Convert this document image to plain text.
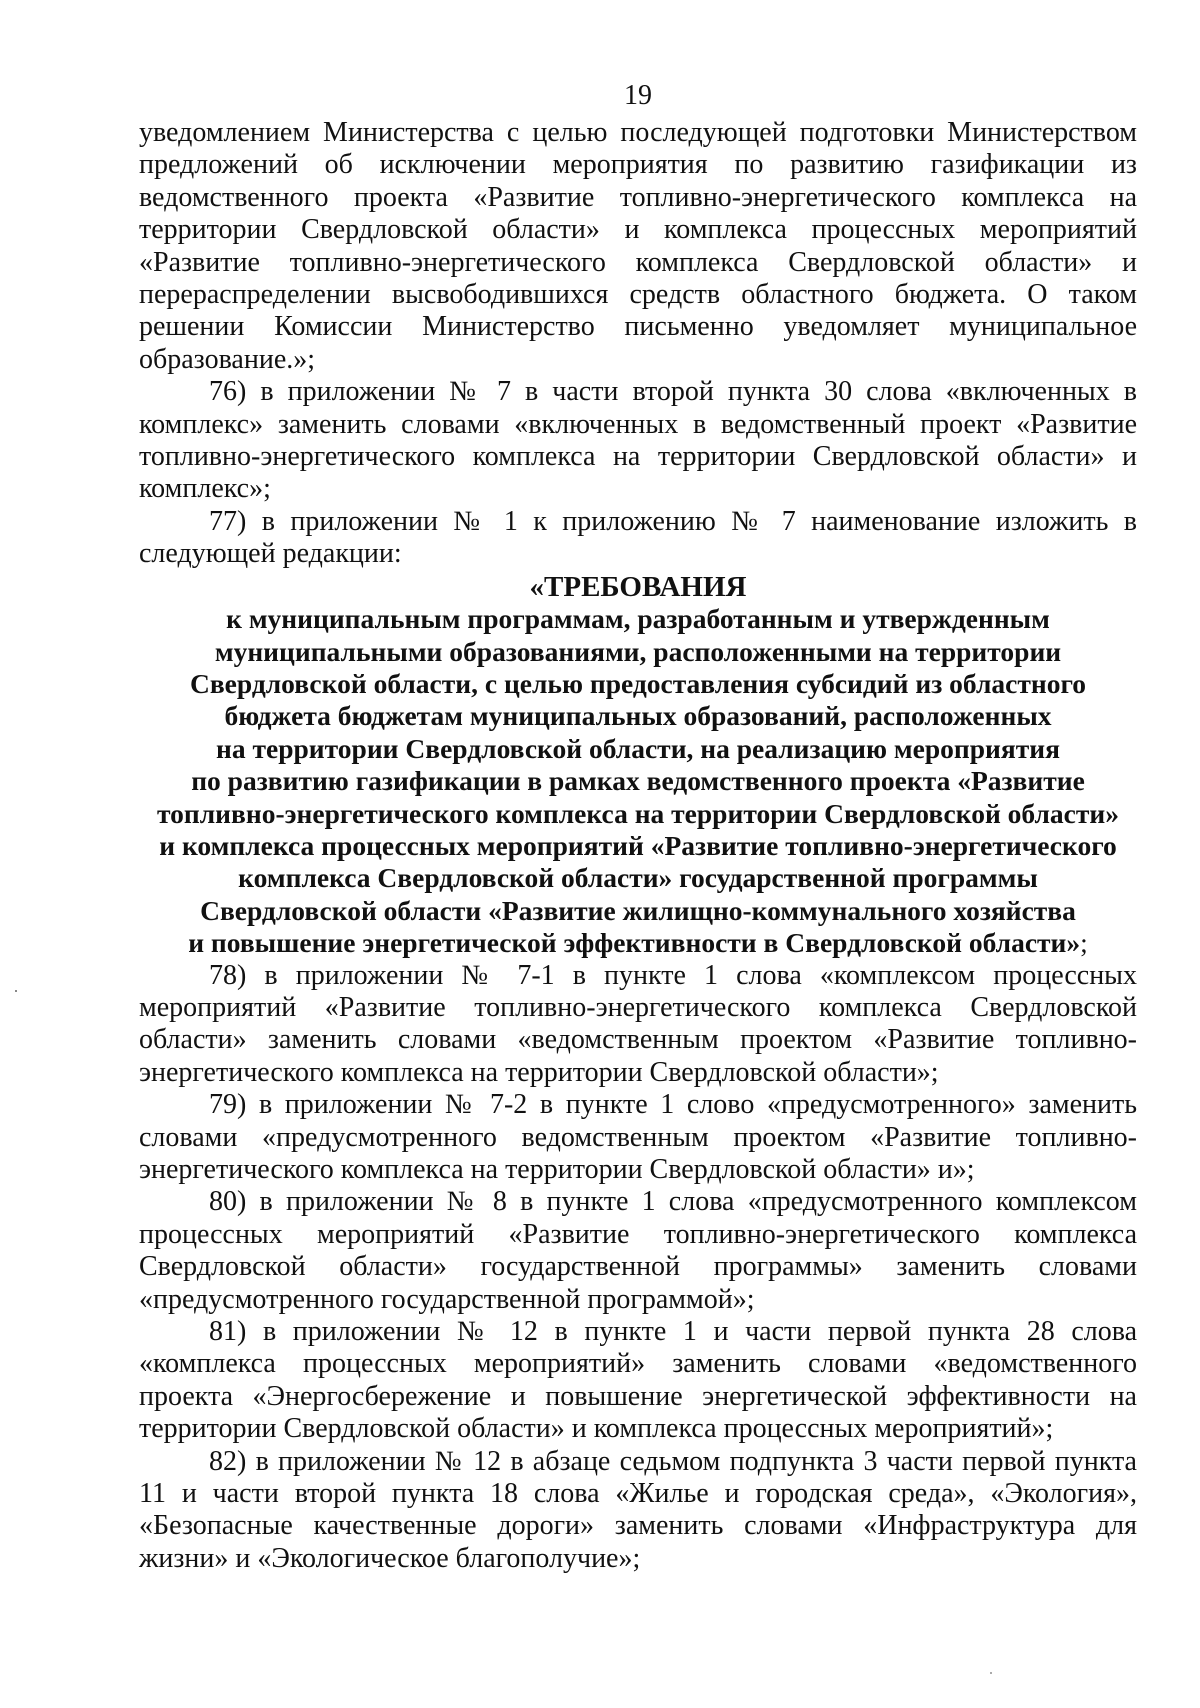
19

уведомлением Министерства с целью последующей подготовки Министерством предложений об исключении мероприятия по развитию газификации из ведомственного проекта «Развитие топливно-энергетического комплекса на территории Свердловской области» и комплекса процессных мероприятий «Развитие топливно-энергетического комплекса Свердловской области» и перераспределении высвободившихся средств областного бюджета. О таком решении Комиссии Министерство письменно уведомляет муниципальное образование.»;

76) в приложении № 7 в части второй пункта 30 слова «включенных в комплекс» заменить словами «включенных в ведомственный проект «Развитие топливно-энергетического комплекса на территории Свердловской области» и комплекс»;

77) в приложении № 1 к приложению № 7 наименование изложить в следующей редакции:

«ТРЕБОВАНИЯ
к муниципальным программам, разработанным и утвержденным
муниципальными образованиями, расположенными на территории
Свердловской области, с целью предоставления субсидий из областного
бюджета бюджетам муниципальных образований, расположенных
на территории Свердловской области, на реализацию мероприятия
по развитию газификации в рамках ведомственного проекта «Развитие
топливно-энергетического комплекса на территории Свердловской области»
и комплекса процессных мероприятий «Развитие топливно-энергетического
комплекса Свердловской области» государственной программы
Свердловской области «Развитие жилищно-коммунального хозяйства
и повышение энергетической эффективности в Свердловской области»;

78) в приложении № 7-1 в пункте 1 слова «комплексом процессных мероприятий «Развитие топливно-энергетического комплекса Свердловской области» заменить словами «ведомственным проектом «Развитие топливно-энергетического комплекса на территории Свердловской области»;

79) в приложении № 7-2 в пункте 1 слово «предусмотренного» заменить словами «предусмотренного ведомственным проектом «Развитие топливно-энергетического комплекса на территории Свердловской области» и»;

80) в приложении № 8 в пункте 1 слова «предусмотренного комплексом процессных мероприятий «Развитие топливно-энергетического комплекса Свердловской области» государственной программы» заменить словами «предусмотренного государственной программой»;

81) в приложении № 12 в пункте 1 и части первой пункта 28 слова «комплекса процессных мероприятий» заменить словами «ведомственного проекта «Энергосбережение и повышение энергетической эффективности на территории Свердловской области» и комплекса процессных мероприятий»;

82) в приложении № 12 в абзаце седьмом подпункта 3 части первой пункта 11 и части второй пункта 18 слова «Жилье и городская среда», «Экология», «Безопасные качественные дороги» заменить словами «Инфраструктура для жизни» и «Экологическое благополучие»;
